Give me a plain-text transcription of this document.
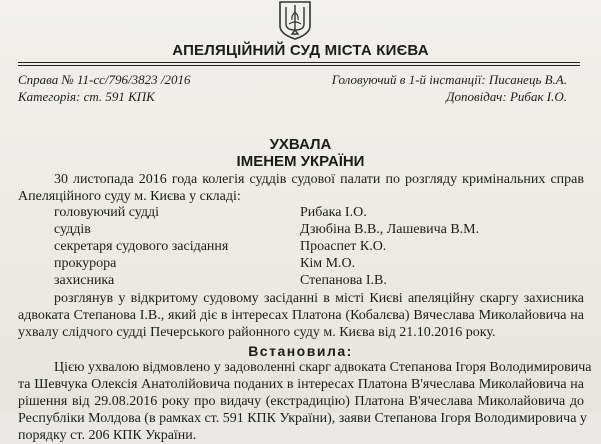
АПЕЛЯЦІЙНИЙ СУД МІСТА КИЄВА
Справа № 11-сс/796/3823 /2016
Категорія: ст. 591 КПК
Головуючий в 1-й інстанції: Писанець В.А.
Доповідач: Рибак І.О.
УХВАЛА
ІМЕНЕМ УКРАЇНИ
30 листопада 2016 года колегія суддів судової палати по розгляду кримінальних справ
Апеляційного суду м. Києва у складі:
головуючий судді	Рибака І.О.
суддів	Дзюбіна В.В., Лашевича В.М.
секретаря судового засідання	Проаспет К.О.
прокурора	Кім М.О.
захисника	Степанова І.В.
розглянув у відкритому судовому засіданні в місті Києві апеляційну скаргу захисника
адвоката Степанова І.В., який діє в інтересах Платона (Кобалєва) Вячеслава Миколайовича на
ухвалу слідчого судді Печерського районного суду м. Києва від 21.10.2016 року.
Встановила:
Цією ухвалою відмовлено у задоволенні скарг адвоката Степанова Ігоря Володимировича
та Шевчука Олексія Анатолійовича поданих в інтересах Платона В'ячеслава Миколайовича на
рішення від 29.08.2016 року про видачу (екстрадицію) Платона В'ячеслава Миколайовича до
Республіки Молдова (в рамках ст. 591 КПК України), заяви Степанова Ігоря Володимировича у
порядку ст. 206 КПК України.
